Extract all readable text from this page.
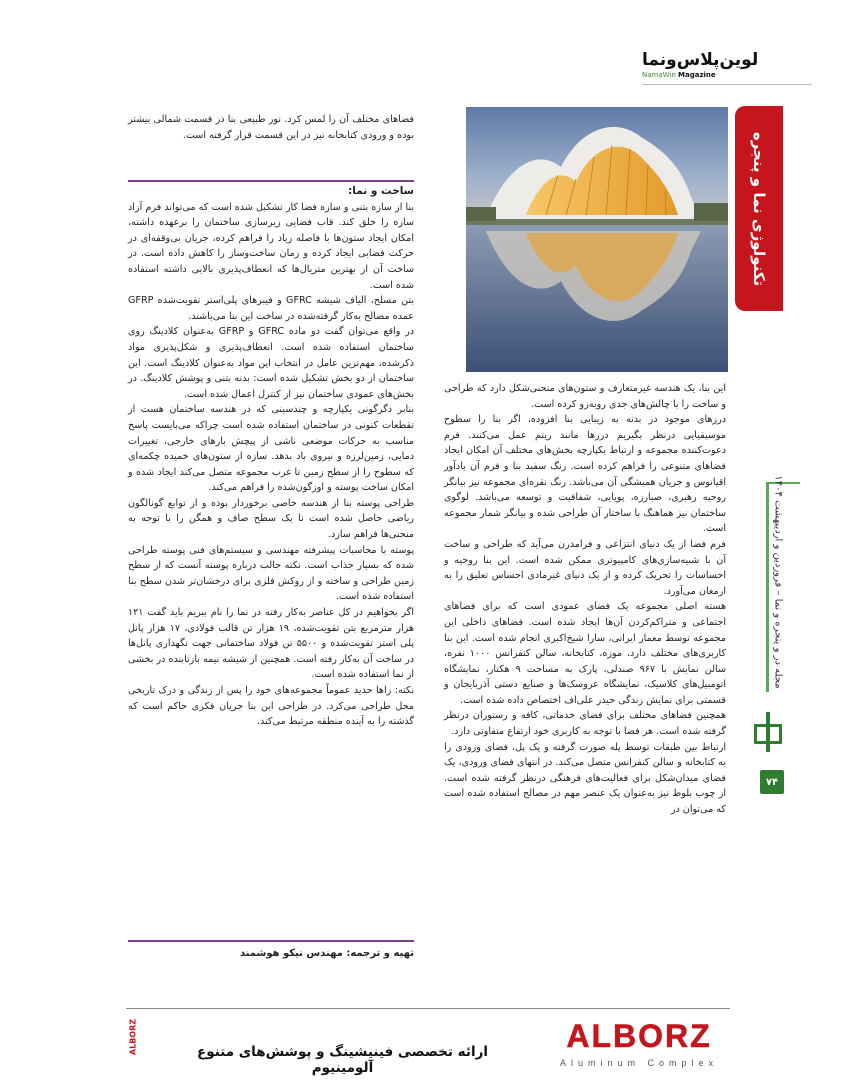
لوین‌پلاس‌ونما
NamaWin Magazine
تکنولوژی نما و پنجره
مجله در و پنجره و نما – فروردین و اردیبهشت ۱۴۰۴
۷۴

این بنا، یک هندسه غیرمتعارف و ستون‌های منحنی‌شکل دارد که طراحی و ساخت را با چالش‌های جدی روبه‌رو کرده است.

درزهای موجود در بدنه به زیبایی بنا افزوده، اگر بنا را سطوح موسیقیایی درنظر بگیریم درزها مانند ریتم عمل می‌کنند. فرم دعوت‌کننده مجموعه و ارتباط یکپارچه بخش‌های مختلف آن امکان ایجاد فضاهای متنوعی را فراهم کرده است. رنگ سفید بنا و فرم آن یادآور اقیانوس و جریان همیشگی آن می‌باشد. رنگ نقره‌ای مجموعه نیز بیانگر روحیه رهبری، صبارزه، پویایی، شفافیت و توسعه می‌باشد. لوگوی ساختمان نیز هماهنگ با ساختار آن طراحی شده و بیانگر شمار مجموعه است.

فرم فضا از یک دنیای انتزاعی و فرامدرن می‌آید که طراحی و ساخت آن با شبیه‌سازی‌های کامپیوتری ممکن شده است. این بنا روحیه و احساسات را تحریک کرده و از یک دنیای غیرمادی احساس تعلیق را به ارمغان می‌آورد.

هسته اصلی مجموعه یک فضای عمودی است که برای فضاهای اجتماعی و متراکم‌کردن آن‌ها ایجاد شده است. فضاهای داخلی این مجموعه توسط معمار ایرانی، سارا شیخ‌اکبری انجام شده است. این بنا کاربری‌های مختلف دارد، موزه، کتابخانه، سالن کنفرانس ۱۰۰۰ نفره، سالن نمایش با ۹۶۷ صندلی، پارک به مساحت ۹ هکتار، نمایشگاه اتومبیل‌های کلاسیک، نمایشگاه عروسک‌ها و صنایع دستی آذربایجان و قسمتی برای نمایش زندگی حیدر علی‌اف اختصاص داده شده است.

همچنین فضاهای مختلف برای فضای خدماتی، کافه و رستوران درنظر گرفته شده است. هر فضا با توجه به کاربری خود ارتفاع متفاوتی دارد.

ارتباط بین طبقات توسط پله صورت گرفته و یک پل، فضای ورودی را به کتابخانه و سالن کنفرانس متصل می‌کند. در انتهای فضای ورودی، یک فضای میدان‌شکل برای فعالیت‌های فرهنگی درنظر گرفته شده است. از چوب بلوط نیز به‌عنوان یک عنصر مهم در مصالح استفاده شده است که می‌توان در

فضاهای مختلف آن را لمس کرد. نور طبیعی بنا در قسمت شمالی بیشتر بوده و ورودی کتابخانه نیز در این قسمت قرار گرفته است.

ساخت و نما:

بنا از سازه بتنی و سازه فضا کار تشکیل شده است که می‌تواند فرم آزاد سازه را خلق کند. قاب فضایی زیرسازی ساختمان را برعهده داشته، امکان ایجاد ستون‌ها با فاصله زیاد را فراهم کرده، جریان بی‌وقفه‌ای در حرکت فضایی ایجاد کرده و زمان ساخت‌وساز را کاهش داده است. در ساخت آن از بهترین متریال‌ها که انعطاف‌پذیری بالایی داشته استفاده شده است.

بتن مسلح، الیاف شیشه GFRC و فیبرهای پلی‌استر تقویت‌شده GFRP عمده مصالح به‌کار گرفته‌شده در ساخت این بنا می‌باشند.

در واقع می‌توان گفت دو ماده GFRC و GFRP به‌عنوان کلادینگ روی ساختمان استفاده شده است. انعطاف‌پذیری و شکل‌پذیری مواد ذکرشده، مهم‌ترین عامل در انتخاب این مواد به‌عنوان کلادینگ است. این ساختمان از دو بخش تشکیل شده است: بدنه بتنی و پوشش کلادینگ. در بخش‌های عمودی ساختمان نیز از کنترل اعمال شده است.

بنابر دگرگونی یکپارچه و چندسینی که در هندسه ساختمان هست از تقطعات کنونی در ساختمان استفاده شده است چراکه می‌بایست پاسخ مناسب به حرکات موضعی ناشی از پیچش بارهای خارجی، تغییرات دمایی، زمین‌لرزه و نیروی باد بدهد. سازه از ستون‌های خمیده چکمه‌ای که سطوح را از سطح زمین تا غرب مجموعه متصل می‌کند ایجاد شده و امکان ساخت پوسته و اوزگون‌شده را فراهم می‌کند.

طراحی پوسته بنا از هندسه خاصی برخوردار بوده و از توابع گونالگون ریاضی حاصل شده است تا یک سطح صاف و همگن را با توجه به منحنی‌ها فراهم سازد.

پوسته با محاسبات پیشرفته مهندسی و سیستم‌های فنی پوسته طراحی شده که بسیار جذاب است. نکته جالب درباره پوسته آنست که از سطح زمین طراحی و ساخته و از روکش فلزی برای درخشان‌تر شدن سطح بنا استفاده شده است.

اگر بخواهیم در کل عناصر به‌کار رفته در نما را نام ببریم باید گفت ۱۲۱ هزار مترمربع بتن تقویت‌شده، ۱۹ هزار تن قالب فولادی، ۱۷ هزار پانل پلی استر تقویت‌شده و ۵۵۰۰ تن فولاد ساختمانی جهت نگهداری پانل‌ها در ساخت آن به‌کار رفته است. همچنین از شیشه نیمه بازتابنده در بخشی از نما استفاده شده است.

نکته: زاها حدید عموماً مجموعه‌های خود را پس از زندگی و درک تاریخی محل طراحی می‌کرد. در طراحی این بنا جریان فکری حاکم است که گذشته را به آینده منطقه مرتبط می‌کند.

تهیه و ترجمه: مهندس نیکو هوشمند
ALBORZ	ارائه تخصصی فینیشینگ و پوشش‌های متنوع آلومینیوم
ALBORZ
Aluminum Complex
